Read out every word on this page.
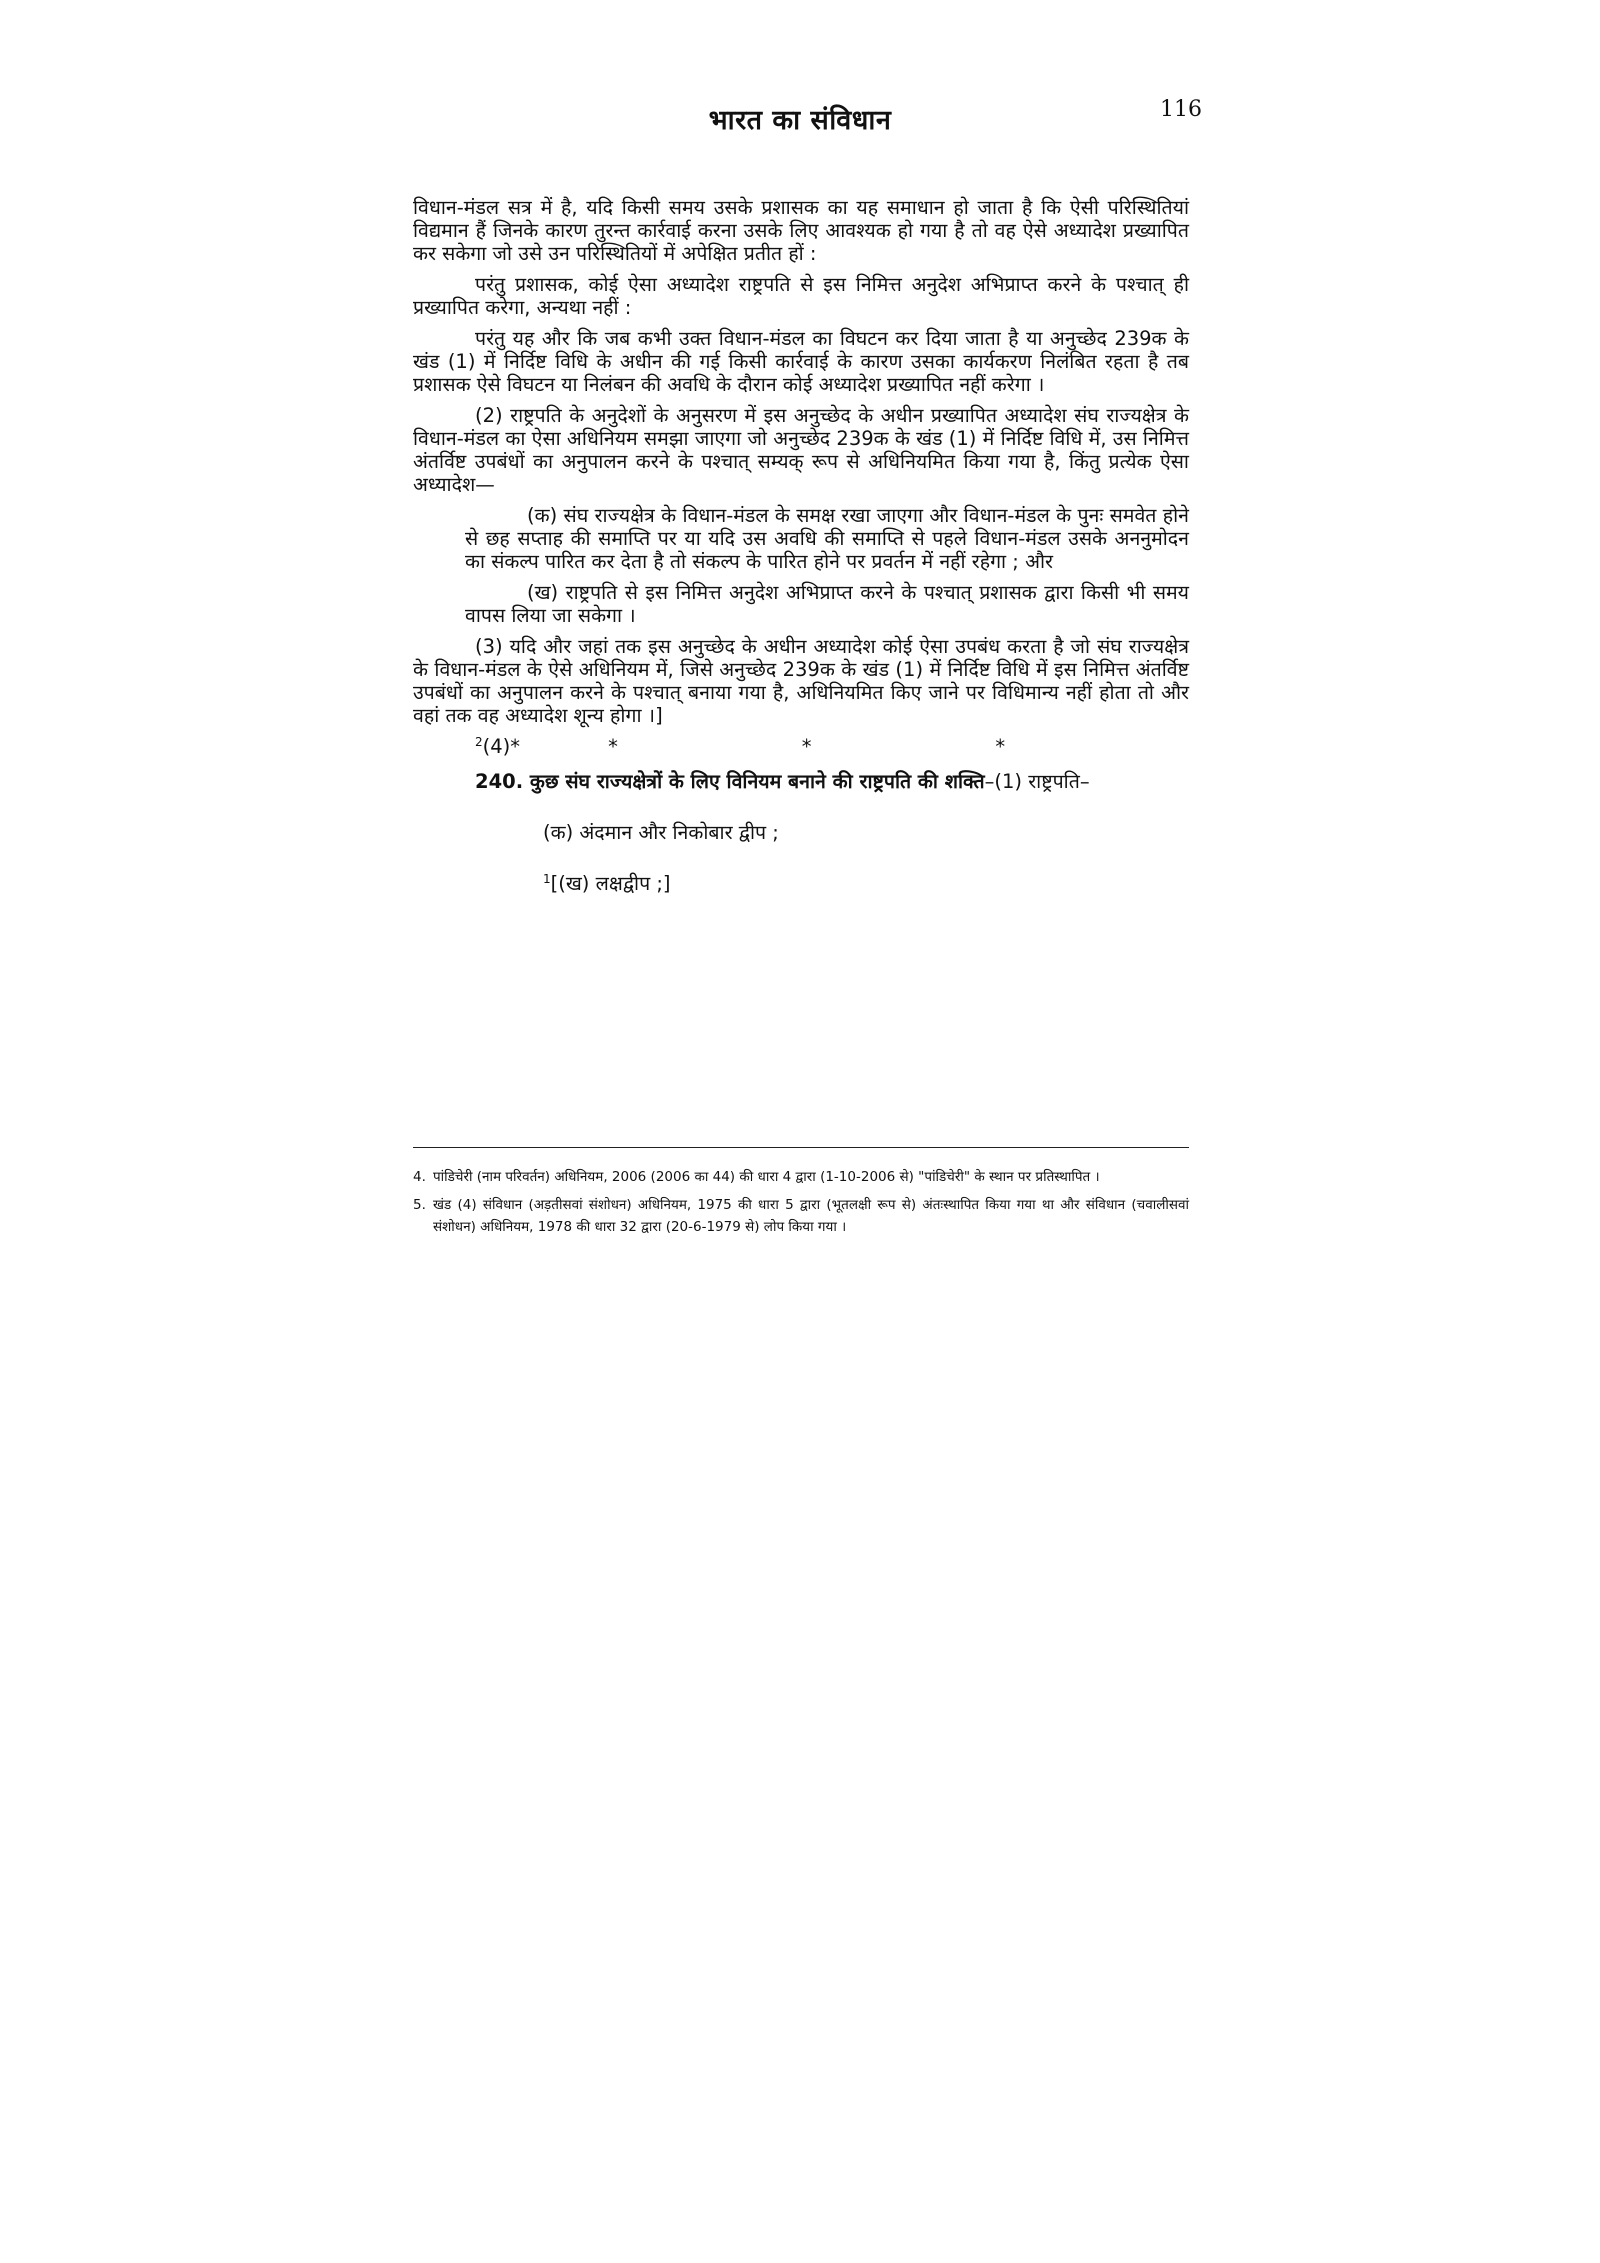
भारत का संविधान	116

विधान-मंडल सत्र में है, यदि किसी समय उसके प्रशासक का यह समाधान हो जाता है कि ऐसी परिस्थितियां विद्यमान हैं जिनके कारण तुरन्त कार्रवाई करना उसके लिए आवश्यक हो गया है तो वह ऐसे अध्यादेश प्रख्यापित कर सकेगा जो उसे उन परिस्थितियों में अपेक्षित प्रतीत हों :

परंतु प्रशासक, कोई ऐसा अध्यादेश राष्ट्रपति से इस निमित्त अनुदेश अभिप्राप्त करने के पश्चात् ही प्रख्यापित करेगा, अन्यथा नहीं :

परंतु यह और कि जब कभी उक्त विधान-मंडल का विघटन कर दिया जाता है या अनुच्छेद 239क के खंड (1) में निर्दिष्ट विधि के अधीन की गई किसी कार्रवाई के कारण उसका कार्यकरण निलंबित रहता है तब प्रशासक ऐसे विघटन या निलंबन की अवधि के दौरान कोई अध्यादेश प्रख्यापित नहीं करेगा ।

(2) राष्ट्रपति के अनुदेशों के अनुसरण में इस अनुच्छेद के अधीन प्रख्यापित अध्यादेश संघ राज्यक्षेत्र के विधान-मंडल का ऐसा अधिनियम समझा जाएगा जो अनुच्छेद 239क के खंड (1) में निर्दिष्ट विधि में, उस निमित्त अंतर्विष्ट उपबंधों का अनुपालन करने के पश्चात् सम्यक् रूप से अधिनियमित किया गया है, किंतु प्रत्येक ऐसा अध्यादेश—

(क) संघ राज्यक्षेत्र के विधान-मंडल के समक्ष रखा जाएगा और विधान-मंडल के पुनः समवेत होने से छह सप्ताह की समाप्ति पर या यदि उस अवधि की समाप्ति से पहले विधान-मंडल उसके अननुमोदन का संकल्प पारित कर देता है तो संकल्प के पारित होने पर प्रवर्तन में नहीं रहेगा ; और

(ख) राष्ट्रपति से इस निमित्त अनुदेश अभिप्राप्त करने के पश्चात् प्रशासक द्वारा किसी भी समय वापस लिया जा सकेगा ।

(3) यदि और जहां तक इस अनुच्छेद के अधीन अध्यादेश कोई ऐसा उपबंध करता है जो संघ राज्यक्षेत्र के विधान-मंडल के ऐसे अधिनियम में, जिसे अनुच्छेद 239क के खंड (1) में निर्दिष्ट विधि में इस निमित्त अंतर्विष्ट उपबंधों का अनुपालन करने के पश्चात् बनाया गया है, अधिनियमित किए जाने पर विधिमान्य नहीं होता तो और वहां तक वह अध्यादेश शून्य होगा ।]

$^2$(4)*	*	*	*

240. कुछ संघ राज्यक्षेत्रों के लिए विनियम बनाने की राष्ट्रपति की शक्ति–(1) राष्ट्रपति–

(क) अंदमान और निकोबार द्वीप ;

$^1$[(ख) लक्षद्वीप ;]

4. पांडिचेरी (नाम परिवर्तन) अधिनियम, 2006 (2006 का 44) की धारा 4 द्वारा (1-10-2006 से) "पांडिचेरी" के स्थान पर प्रतिस्थापित ।
5. खंड (4) संविधान (अड़तीसवां संशोधन) अधिनियम, 1975 की धारा 5 द्वारा (भूतलक्षी रूप से) अंतःस्थापित किया गया था और संविधान (चवालीसवां संशोधन) अधिनियम, 1978 की धारा 32 द्वारा (20-6-1979 से) लोप किया गया ।
